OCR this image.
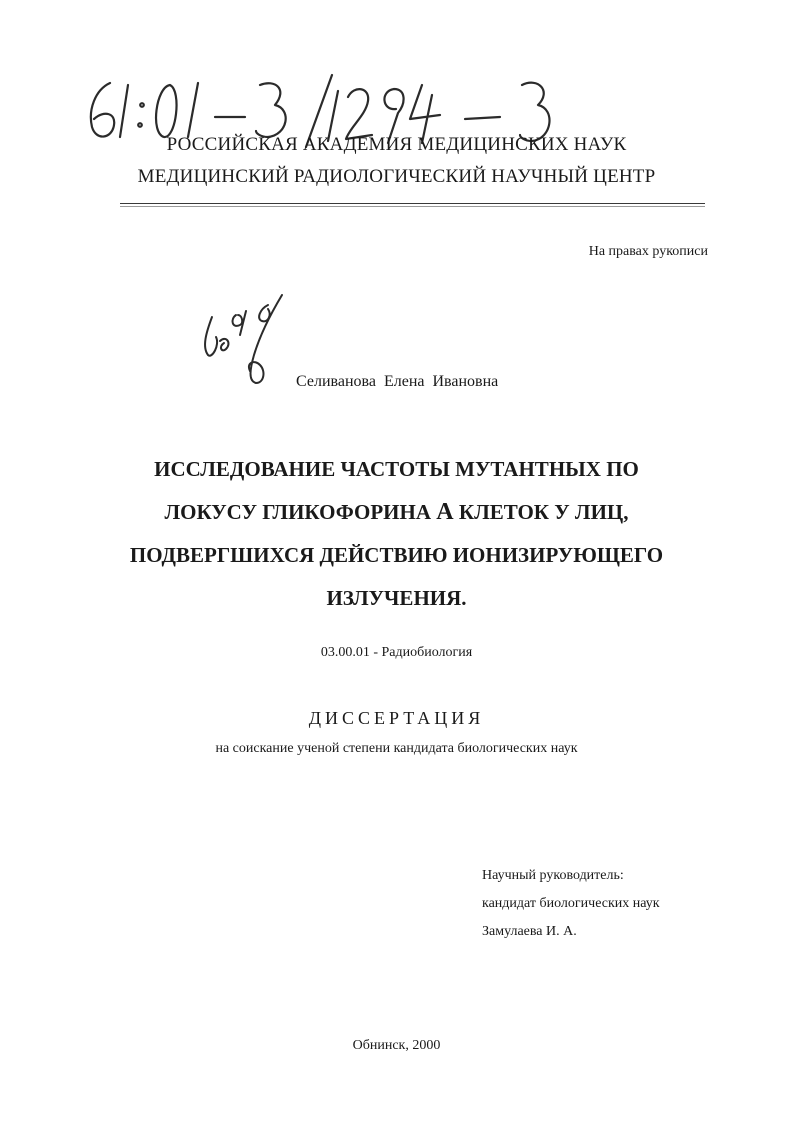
РОССИЙСКАЯ АКАДЕМИЯ МЕДИЦИНСКИХ НАУК
МЕДИЦИНСКИЙ РАДИОЛОГИЧЕСКИЙ НАУЧНЫЙ ЦЕНТР
На правах рукописи
Селиванова Елена Ивановна
ИССЛЕДОВАНИЕ ЧАСТОТЫ МУТАНТНЫХ ПО
ЛОКУСУ ГЛИКОФОРИНА А КЛЕТОК У ЛИЦ,
ПОДВЕРГШИХСЯ ДЕЙСТВИЮ ИОНИЗИРУЮЩЕГО
ИЗЛУЧЕНИЯ.
03.00.01 - Радиобиология
ДИССЕРТАЦИЯ
на соискание ученой степени кандидата биологических наук
Научный руководитель:
кандидат биологических наук
Замулаева И. А.
Обнинск, 2000
